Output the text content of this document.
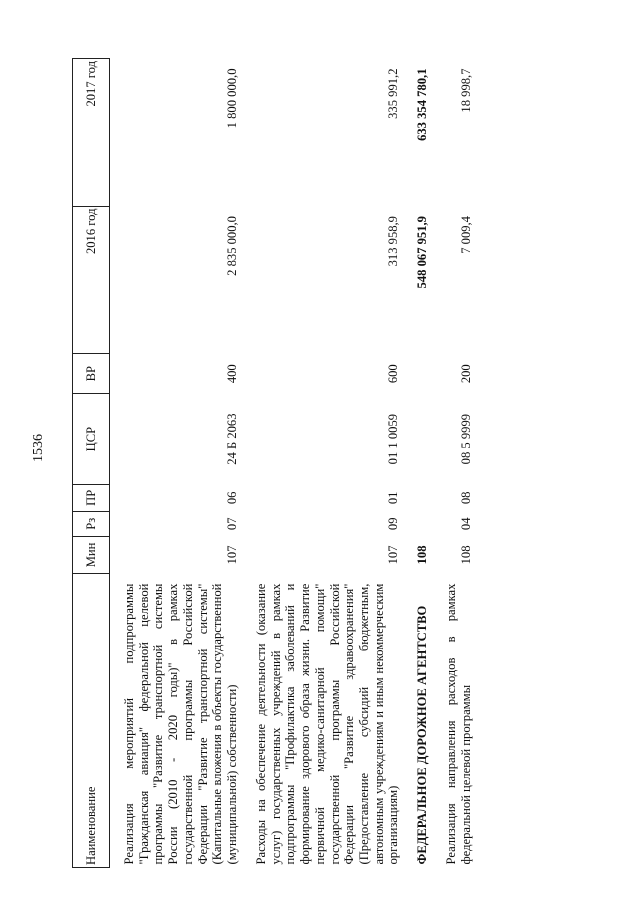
1536
Наименование	Мин	Рз	ПР	ЦСР	ВР	2016 год	2017 год
Реализация мероприятий подпрограммы "Гражданская авиация" федеральной целевой программы "Развитие транспортной системы России (2010 - 2020 годы)" в рамках государственной программы Российской Федерации "Развитие транспортной системы" (Капитальные вложения в объекты государственной (муниципальной) собственности)	107	07	06	24 Б 2063	400	2 835 000,0	1 800 000,0
Расходы на обеспечение деятельности (оказание услуг) государственных учреждений в рамках подпрограммы "Профилактика заболеваний и формирование здорового образа жизни. Развитие первичной медико-санитарной помощи" государственной программы Российской Федерации "Развитие здравоохранения" (Предоставление субсидий бюджетным, автономным учреждениям и иным некоммерческим организациям)	107	09	01	01 1 0059	600	313 958,9	335 991,2
ФЕДЕРАЛЬНОЕ ДОРОЖНОЕ АГЕНТСТВО	108					548 067 951,9	633 354 780,1
Реализация направления расходов в рамках федеральной целевой программы	108	04	08	08 5 9999	200	7 009,4	18 998,7
